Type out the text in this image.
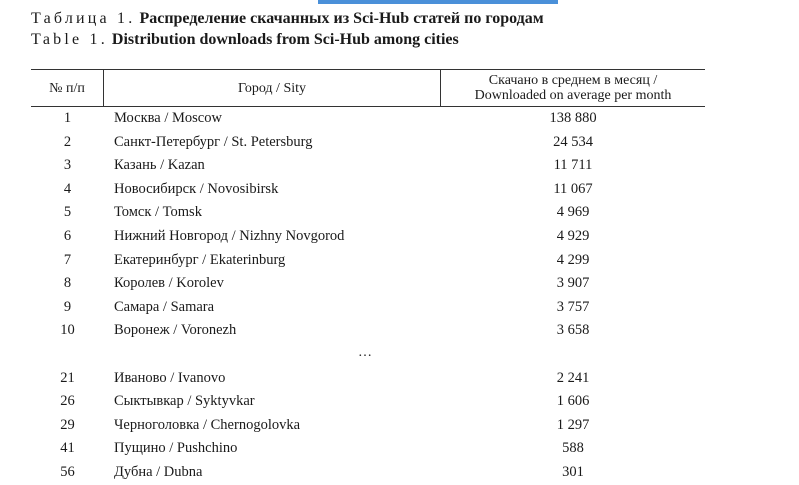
Таблица 1. Распределение скачанных из Sci-Hub статей по городам
Table 1. Distribution downloads from Sci-Hub among cities
№ п/п	Город / Sity	Скачано в среднем в месяц /
Downloaded on average per month
1	Москва / Moscow	138 880
2	Санкт-Петербург / St. Petersburg	24 534
3	Казань / Kazan	11 711
4	Новосибирск / Novosibirsk	11 067
5	Томск / Tomsk	4 969
6	Нижний Новгород / Nizhny Novgorod	4 929
7	Екатеринбург / Ekaterinburg	4 299
8	Королев / Korolev	3 907
9	Самара / Samara	3 757
10	Воронеж / Voronezh	3 658
…
21	Иваново / Ivanovo	2 241
26	Сыктывкар / Syktyvkar	1 606
29	Черноголовка / Chernogolovka	1 297
41	Пущино / Pushchino	588
56	Дубна / Dubna	301
